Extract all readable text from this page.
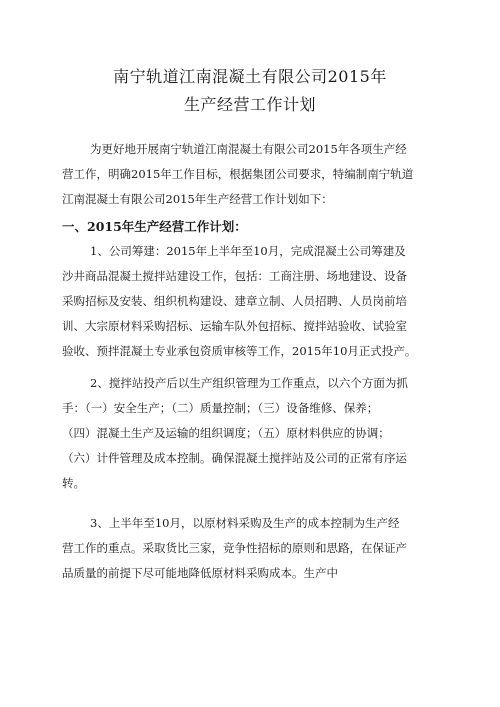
南宁轨道江南混凝土有限公司2015年
生产经营工作计划
为更好地开展南宁轨道江南混凝土有限公司2015年各项生产经
营工作，明确2015年工作目标，根据集团公司要求，特编制南宁轨道
江南混凝土有限公司2015年生产经营工作计划如下：
一、2015年生产经营工作计划：
1、公司筹建：2015年上半年至10月，完成混凝土公司筹建及
沙井商品混凝土搅拌站建设工作，包括：工商注册、场地建设、设备
采购招标及安装、组织机构建设、建章立制、人员招聘、人员岗前培
训、大宗原材料采购招标、运输车队外包招标、搅拌站验收、试验室
验收、预拌混凝土专业承包资质审核等工作，2015年10月正式投产。
2、搅拌站投产后以生产组织管理为工作重点，以六个方面为抓
手：（一）安全生产；（二）质量控制；（三）设备维修、保养；
（四）混凝土生产及运输的组织调度；（五）原材料供应的协调；
（六）计件管理及成本控制。确保混凝土搅拌站及公司的正常有序运
转。
3、上半年至10月，以原材料采购及生产的成本控制为生产经
营工作的重点。采取货比三家，竞争性招标的原则和思路，在保证产
品质量的前提下尽可能地降低原材料采购成本。生产中
